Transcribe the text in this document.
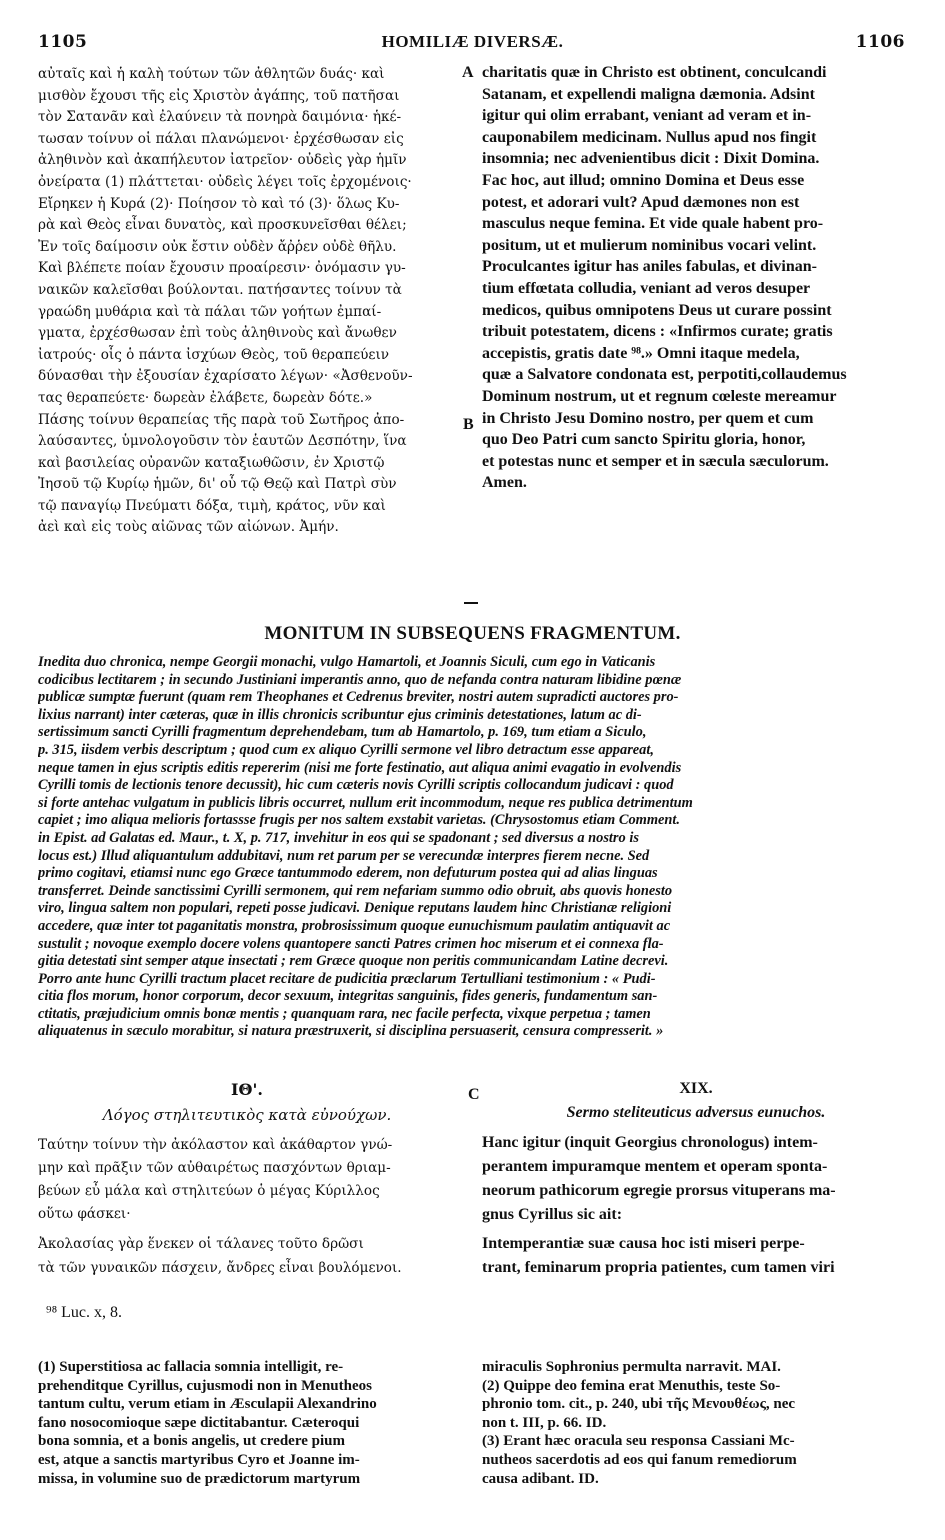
1105	HOMILIÆ DIVERSÆ.	1106
αὐταῖς καὶ ἡ καλὴ τούτων τῶν ἀθλητῶν δυάς· καὶ
μισθὸν ἔχουσι τῆς εἰς Χριστὸν ἀγάπης, τοῦ πατῆσαι
τὸν Σατανᾶν καὶ ἐλαύνειν τὰ πονηρὰ δαιμόνια· ἡκέ-
τωσαν τοίνυν οἱ πάλαι πλανώμενοι· ἐρχέσθωσαν εἰς
ἀληθινὸν καὶ ἀκαπήλευτον ἰατρεῖον· οὐδεὶς γὰρ ἡμῖν
ὀνείρατα (1) πλάττεται· οὐδεὶς λέγει τοῖς ἐρχομένοις·
Εἴρηκεν ἡ Κυρά (2)· Ποίησον τὸ καὶ τό (3)· ὅλως Κυ-
ρὰ καὶ Θεὸς εἶναι δυνατὸς, καὶ προσκυνεῖσθαι θέλει;
Ἐν τοῖς δαίμοσιν οὐκ ἔστιν οὐδὲν ἄῤῥεν οὐδὲ θῆλυ.
Καὶ βλέπετε ποίαν ἔχουσιν προαίρεσιν· ὀνόμασιν γυ-
ναικῶν καλεῖσθαι βούλονται. πατήσαντες τοίνυν τὰ
γραώδη μυθάρια καὶ τὰ πάλαι τῶν γοήτων ἐμπαί-
γματα, ἐρχέσθωσαν ἐπὶ τοὺς ἀληθινοὺς καὶ ἄνωθεν
ἰατρούς· οἷς ὁ πάντα ἰσχύων Θεὸς, τοῦ θεραπεύειν
δύνασθαι τὴν ἐξουσίαν ἐχαρίσατο λέγων· «Ἀσθενοῦν-
τας θεραπεύετε· δωρεὰν ἐλάβετε, δωρεὰν δότε.»
Πάσης τοίνυν θεραπείας τῆς παρὰ τοῦ Σωτῆρος ἀπο-
λαύσαντες, ὑμνολογοῦσιν τὸν ἑαυτῶν Δεσπότην, ἵνα
καὶ βασιλείας οὐρανῶν καταξιωθῶσιν, ἐν Χριστῷ
Ἰησοῦ τῷ Κυρίῳ ἡμῶν, δι' οὗ τῷ Θεῷ καὶ Πατρὶ σὺν
τῷ παναγίῳ Πνεύματι δόξα, τιμὴ, κράτος, νῦν καὶ
ἀεὶ καὶ εἰς τοὺς αἰῶνας τῶν αἰώνων. Ἀμήν.
charitatis quæ in Christo est obtinent, conculcandi
Satanam, et expellendi maligna dæmonia. Adsint
igitur qui olim errabant, veniant ad veram et in-
cauponabilem medicinam. Nullus apud nos fingit
insomnia; nec advenientibus dicit : Dixit Domina.
Fac hoc, aut illud; omnino Domina et Deus esse
potest, et adorari vult? Apud dæmones non est
masculus neque femina. Et vide quale habent pro-
positum, ut et mulierum nominibus vocari velint.
Proculcantes igitur has aniles fabulas, et divinan-
tium effœtata colludia, veniant ad veros desuper
medicos, quibus omnipotens Deus ut curare possint
tribuit potestatem, dicens : «Infirmos curate; gratis
accepistis, gratis date ⁹⁸.» Omni itaque medela,
quæ a Salvatore condonata est, perpotiti,collaudemus
Dominum nostrum, ut et regnum cœleste mereamur
in Christo Jesu Domino nostro, per quem et cum
quo Deo Patri cum sancto Spiritu gloria, honor,
et potestas nunc et semper et in sæcula sæculorum.
Amen.
A
B
MONITUM IN SUBSEQUENS FRAGMENTUM.
Inedita duo chronica, nempe Georgii monachi, vulgo Hamartoli, et Joannis Siculi, cum ego in Vaticanis
codicibus lectitarem ; in secundo Justiniani imperantis anno, quo de nefanda contra naturam libidine pœnæ
publicæ sumptæ fuerunt (quam rem Theophanes et Cedrenus breviter, nostri autem supradicti auctores pro-
lixius narrant) inter cæteras, quæ in illis chronicis scribuntur ejus criminis detestationes, latum ac di-
sertissimum sancti Cyrilli fragmentum deprehendebam, tum ab Hamartolo, p. 169, tum etiam a Siculo,
p. 315, iisdem verbis descriptum ; quod cum ex aliquo Cyrilli sermone vel libro detractum esse appareat,
neque tamen in ejus scriptis editis repererim (nisi me forte festinatio, aut aliqua animi evagatio in evolvendis
Cyrilli tomis de lectionis tenore decussit), hic cum cæteris novis Cyrilli scriptis collocandum judicavi : quod
si forte antehac vulgatum in publicis libris occurret, nullum erit incommodum, neque res publica detrimentum
capiet ; imo aliqua melioris fortassse frugis per nos saltem exstabit varietas. (Chrysostomus etiam Comment.
in Epist. ad Galatas ed. Maur., t. X, p. 717, invehitur in eos qui se spadonant ; sed diversus a nostro is
locus est.) Illud aliquantulum addubitavi, num ret parum per se verecundæ interpres fierem necne. Sed
primo cogitavi, etiamsi nunc ego Græce tantummodo ederem, non defuturum postea qui ad alias linguas
transferret. Deinde sanctissimi Cyrilli sermonem, qui rem nefariam summo odio obruit, abs quovis honesto
viro, lingua saltem non populari, repeti posse judicavi. Denique reputans laudem hinc Christianæ religioni
accedere, quæ inter tot paganitatis monstra, probrosissimum quoque eunuchismum paulatim antiquavit ac
sustulit ; novoque exemplo docere volens quantopere sancti Patres crimen hoc miserum et ei connexa fla-
gitia detestati sint semper atque insectati ; rem Græce quoque non peritis communicandam Latine decrevi.
Porro ante hunc Cyrilli tractum placet recitare de pudicitia præclarum Tertulliani testimonium : « Pudi-
citia flos morum, honor corporum, decor sexuum, integritas sanguinis, fides generis, fundamentum san-
ctitatis, præjudicium omnis bonæ mentis ; quanquam rara, nec facile perfecta, vixque perpetua ; tamen
aliquatenus in sæculo morabitur, si natura præstruxerit, si disciplina persuaserit, censura compresserit. »
ΙΘ'.	C	XIX.
Λόγος στηλιτευτικὸς κατὰ εὐνούχων.	Sermo steliteuticus adversus eunuchos.
Ταύτην τοίνυν τὴν ἀκόλαστον καὶ ἀκάθαρτον γνώ-
μην καὶ πρᾶξιν τῶν αὐθαιρέτως πασχόντων θριαμ-
βεύων εὖ μάλα καὶ στηλιτεύων ὁ μέγας Κύριλλος
οὕτω φάσκει·
Ἀκολασίας γὰρ ἕνεκεν οἱ τάλανες τοῦτο δρῶσι
τὰ τῶν γυναικῶν πάσχειν, ἄνδρες εἶναι βουλόμενοι.
⁹⁸ Luc. x, 8.
Hanc igitur (inquit Georgius chronologus) intem-
perantem impuramque mentem et operam sponta-
neorum pathicorum egregie prorsus vituperans ma-
gnus Cyrillus sic ait:
Intemperantiæ suæ causa hoc isti miseri perpe-
trant, feminarum propria patientes, cum tamen viri
(1) Superstitiosa ac fallacia somnia intelligit, re-
prehenditque Cyrillus, cujusmodi non in Menutheos
tantum cultu, verum etiam in Æsculapii Alexandrino
fano nosocomioque sæpe dictitabantur. Cæteroqui
bona somnia, et a bonis angelis, ut credere pium
est, atque a sanctis martyribus Cyro et Joanne im-
missa, in volumine suo de prædictorum martyrum
miraculis Sophronius permulta narravit. MAI.
(2) Quippe deo femina erat Menuthis, teste So-
phronio tom. cit., p. 240, ubi τῆς Μενουθέως, nec
non t. III, p. 66. ID.
(3) Erant hæc oracula seu responsa Cassiani Mc-
nutheos sacerdotis ad eos qui fanum remediorum
causa adibant. ID.
